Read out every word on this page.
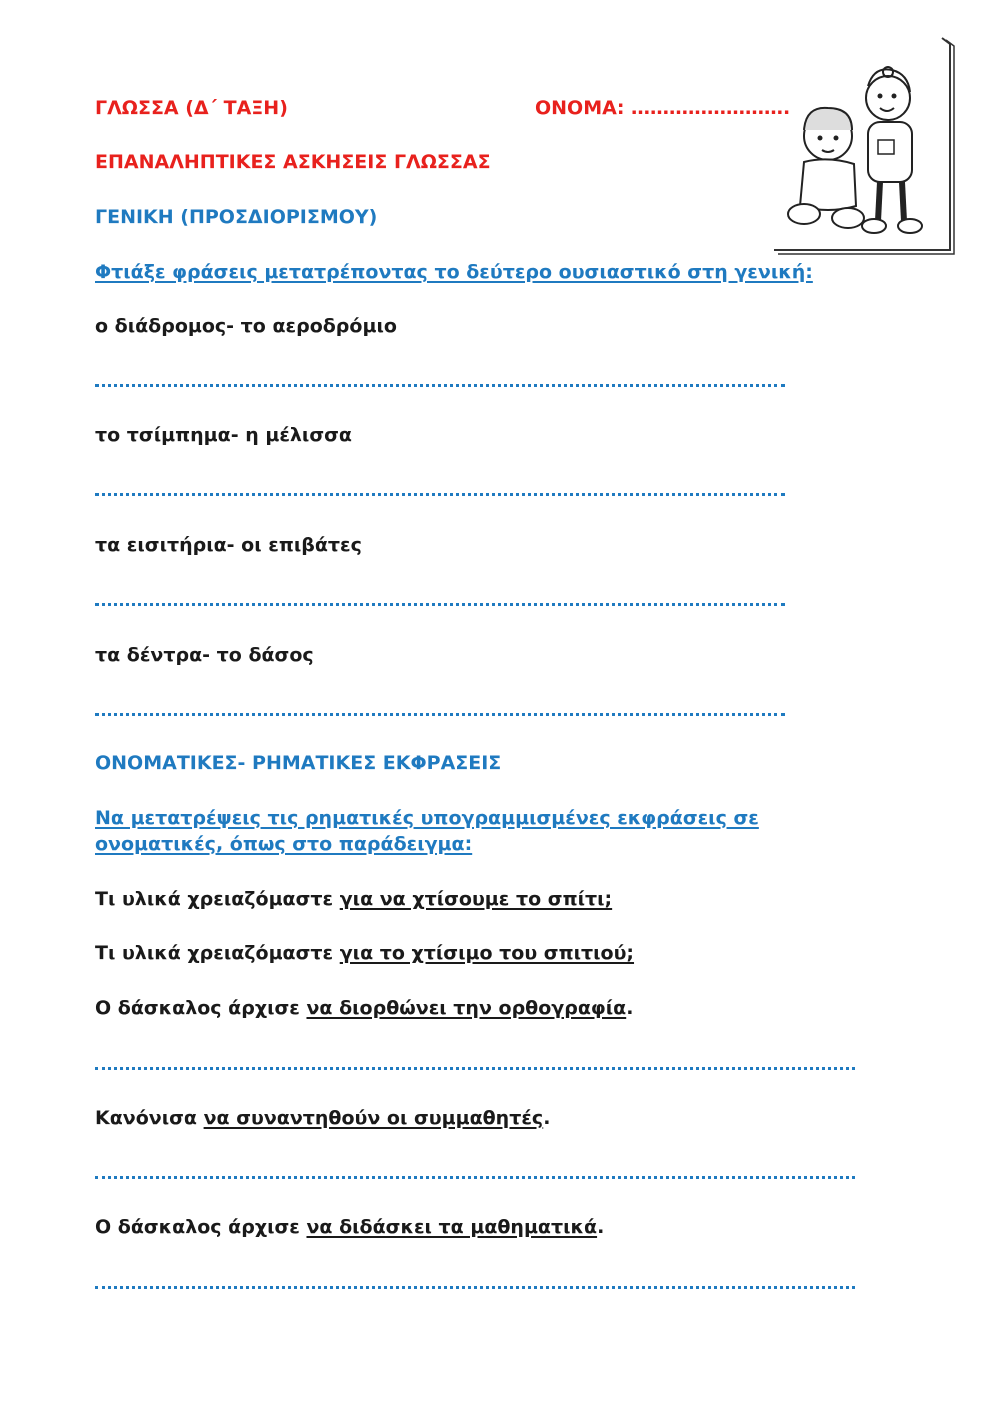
ΓΛΩΣΣΑ (Δ΄ ΤΑΞΗ)	ΟΝΟΜΑ: …………………….
ΕΠΑΝΑΛΗΠΤΙΚΕΣ ΑΣΚΗΣΕΙΣ ΓΛΩΣΣΑΣ
ΓΕΝΙΚΗ (ΠΡΟΣΔΙΟΡΙΣΜΟΥ)
Φτιάξε φράσεις μετατρέποντας το δεύτερο ουσιαστικό στη γενική:
ο διάδρομος- το αεροδρόμιο
το τσίμπημα- η μέλισσα
τα εισιτήρια- οι επιβάτες
τα δέντρα- το δάσος
ΟΝΟΜΑΤΙΚΕΣ- ΡΗΜΑΤΙΚΕΣ ΕΚΦΡΑΣΕΙΣ
Να μετατρέψεις τις ρηματικές υπογραμμισμένες εκφράσεις σε ονοματικές, όπως στο παράδειγμα:
Τι υλικά χρειαζόμαστε για να χτίσουμε το σπίτι;
Τι υλικά χρειαζόμαστε για το χτίσιμο του σπιτιού;
Ο δάσκαλος άρχισε να διορθώνει την ορθογραφία.
Κανόνισα να συναντηθούν οι συμμαθητές.
Ο δάσκαλος άρχισε να διδάσκει τα μαθηματικά.
